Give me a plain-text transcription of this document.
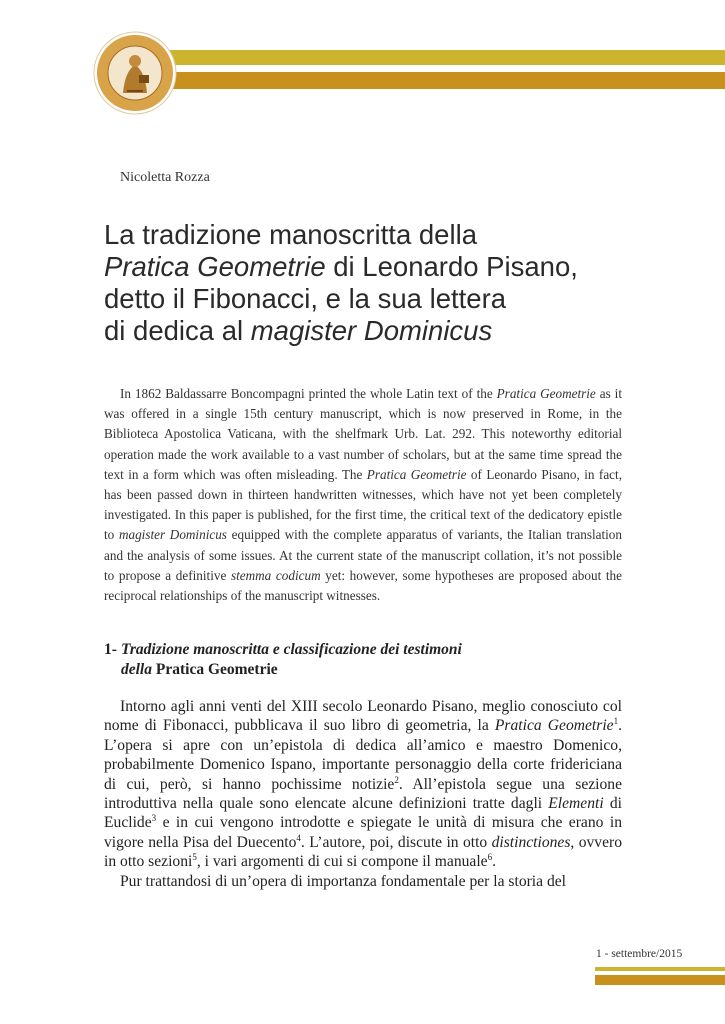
Nicoletta Rozza
La tradizione manoscritta della
Pratica Geometrie di Leonardo Pisano,
detto il Fibonacci, e la sua lettera
di dedica al magister Dominicus

In 1862 Baldassarre Boncompagni printed the whole Latin text of the Pratica Geometrie as it was offered in a single 15th century manuscript, which is now preserved in Rome, in the Biblioteca Apostolica Vaticana, with the shelfmark Urb. Lat. 292. This noteworthy editorial operation made the work available to a vast number of scholars, but at the same time spread the text in a form which was often misleading. The Pratica Geometrie of Leonardo Pisano, in fact, has been passed down in thirteen handwritten witnesses, which have not yet been completely investigated. In this paper is published, for the first time, the critical text of the dedicatory epistle to magister Dominicus equipped with the complete apparatus of variants, the Italian translation and the analysis of some issues. At the current state of the manuscript collation, it’s not possible to propose a definitive stemma codicum yet: however, some hypotheses are proposed about the reciprocal relationships of the manuscript witnesses.

1- Tradizione manoscritta e classificazione dei testimoni
della Pratica Geometrie

Intorno agli anni venti del XIII secolo Leonardo Pisano, meglio conosciuto col nome di Fibonacci, pubblicava il suo libro di geometria, la Pratica Geometrie$^1$. L’opera si apre con un’epistola di dedica all’amico e maestro Domenico, probabilmente Domenico Ispano, importante personaggio della corte fridericiana di cui, però, si hanno pochissime notizie$^2$. All’epistola segue una sezione introduttiva nella quale sono elencate alcune definizioni tratte dagli Elementi di Euclide$^3$ e in cui vengono introdotte e spiegate le unità di misura che erano in vigore nella Pisa del Duecento$^4$. L’autore, poi, discute in otto distinctiones, ovvero in otto sezioni$^5$, i vari argomenti di cui si compone il manuale$^6$.

Pur trattandosi di un’opera di importanza fondamentale per la storia del

1 - settembre/2015
